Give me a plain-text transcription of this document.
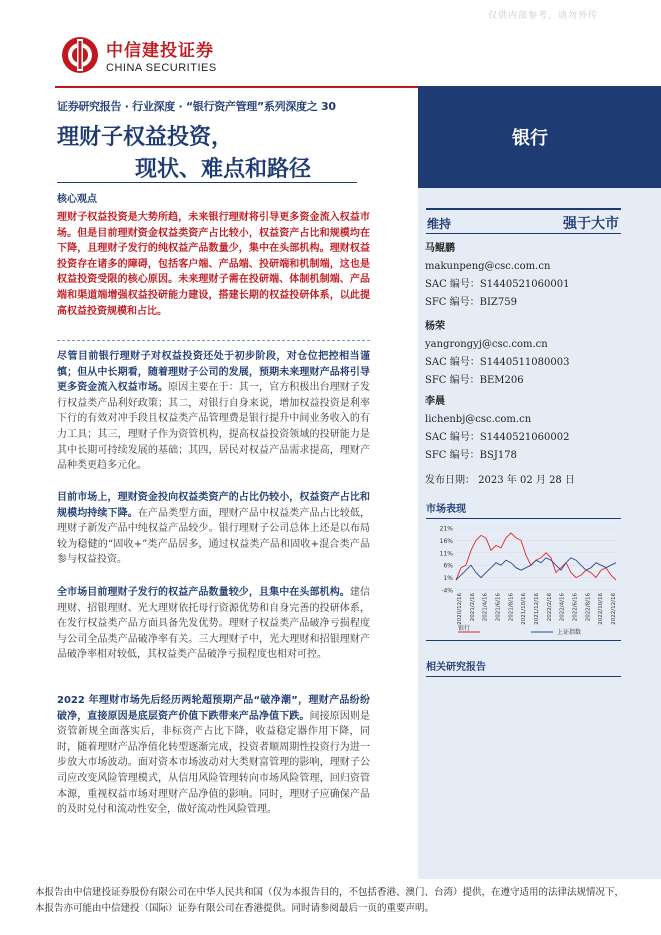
仅供内部参考，请勿外传
中信建投证券
CHINA SECURITIES
银行
证券研究报告 · 行业深度 · “银行资产管理”系列深度之 30
理财子权益投资，
现状、难点和路径
核心观点
理财子权益投资是大势所趋，未来银行理财将引导更多资金流入权益市场。但是目前理财资金权益类资产占比较小，权益资产占比和规模均在下降，且理财子发行的纯权益产品数量少，集中在头部机构。理财权益投资存在诸多的障碍，包括客户端、产品端、投研端和机制端，这也是权益投资受限的核心原因。未来理财子需在投研端、体制机制端、产品端和渠道端增强权益投研能力建设，搭建长期的权益投研体系，以此提高权益投资规模和占比。
尽管目前银行理财子对权益投资还处于初步阶段，对仓位把控相当谨慎；但从中长期看，随着理财子公司的发展，预期未来理财产品将引导更多资金流入权益市场。原因主要在于：其一，官方积极出台理财子发行权益类产品利好政策；其二，对银行自身来说，增加权益投资是利率下行的有效对冲手段且权益类产品管理费是银行提升中间业务收入的有力工具；其三，理财子作为资管机构，提高权益投资领域的投研能力是其中长期可持续发展的基础；其四，居民对权益产品需求提高，理财产品种类更趋多元化。
目前市场上，理财资金投向权益类资产的占比仍较小，权益资产占比和规模均持续下降。在产品类型方面，理财产品中权益类产品占比较低，理财子新发产品中纯权益产品较少。银行理财子公司总体上还是以布局较为稳健的“固收+”类产品居多，通过权益类产品和固收+混合类产品参与权益投资。
全市场目前理财子发行的权益产品数量较少，且集中在头部机构。建信理财、招银理财、光大理财依托母行资源优势和自身完善的投研体系，在发行权益类产品方面具备先发优势。理财子权益类产品破净亏损程度与公司全品类产品破净率有关。三大理财子中，光大理财和招银理财产品破净率相对较低，其权益类产品破净亏损程度也相对可控。
2022 年理财市场先后经历两轮超预期产品“破净潮”，理财产品纷纷破净，直接原因是底层资产价值下跌带来产品净值下跌。间接原因则是资管新规全面落实后，非标资产占比下降，收益稳定器作用下降，同时，随着理财产品净值化转型逐渐完成，投资者顺周期性投资行为进一步放大市场波动。面对资本市场波动对大类财富管理的影响，理财子公司应改变风险管理模式，从信用风险管理转向市场风险管理，回归资管本源，重视权益市场对理财产品净值的影响。同时，理财子应确保产品的及时兑付和流动性安全，做好流动性风险管理。
维持	强于大市
马鲲鹏
makunpeng@csc.com.cn
SAC 编号：S1440521060001
SFC 编号：BIZ759
杨荣
yangrongyj@csc.com.cn
SAC 编号：S1440511080003
SFC 编号：BEM206
李晨
lichenbj@csc.com.cn
SAC 编号：S1440521060002
SFC 编号：BSJ178
发布日期： 2023 年 02 月 28 日
市场表现
21%
16%
11%
6%
1%
-4%
2020/12/16 2021/2/16 2021/4/16 2021/6/16 2021/8/16 2021/10/16 2021/12/16 2022/2/16 2022/4/16 2022/6/16 2022/8/16 2022/10/16 2022/12/16
银行
上证指数
相关研究报告
本报告由中信建投证券股份有限公司在中华人民共和国（仅为本报告目的，不包括香港、澳门、台湾）提供，在遵守适用的法律法规情况下，
本报告亦可能由中信建投（国际）证券有限公司在香港提供。同时请参阅最后一页的重要声明。
